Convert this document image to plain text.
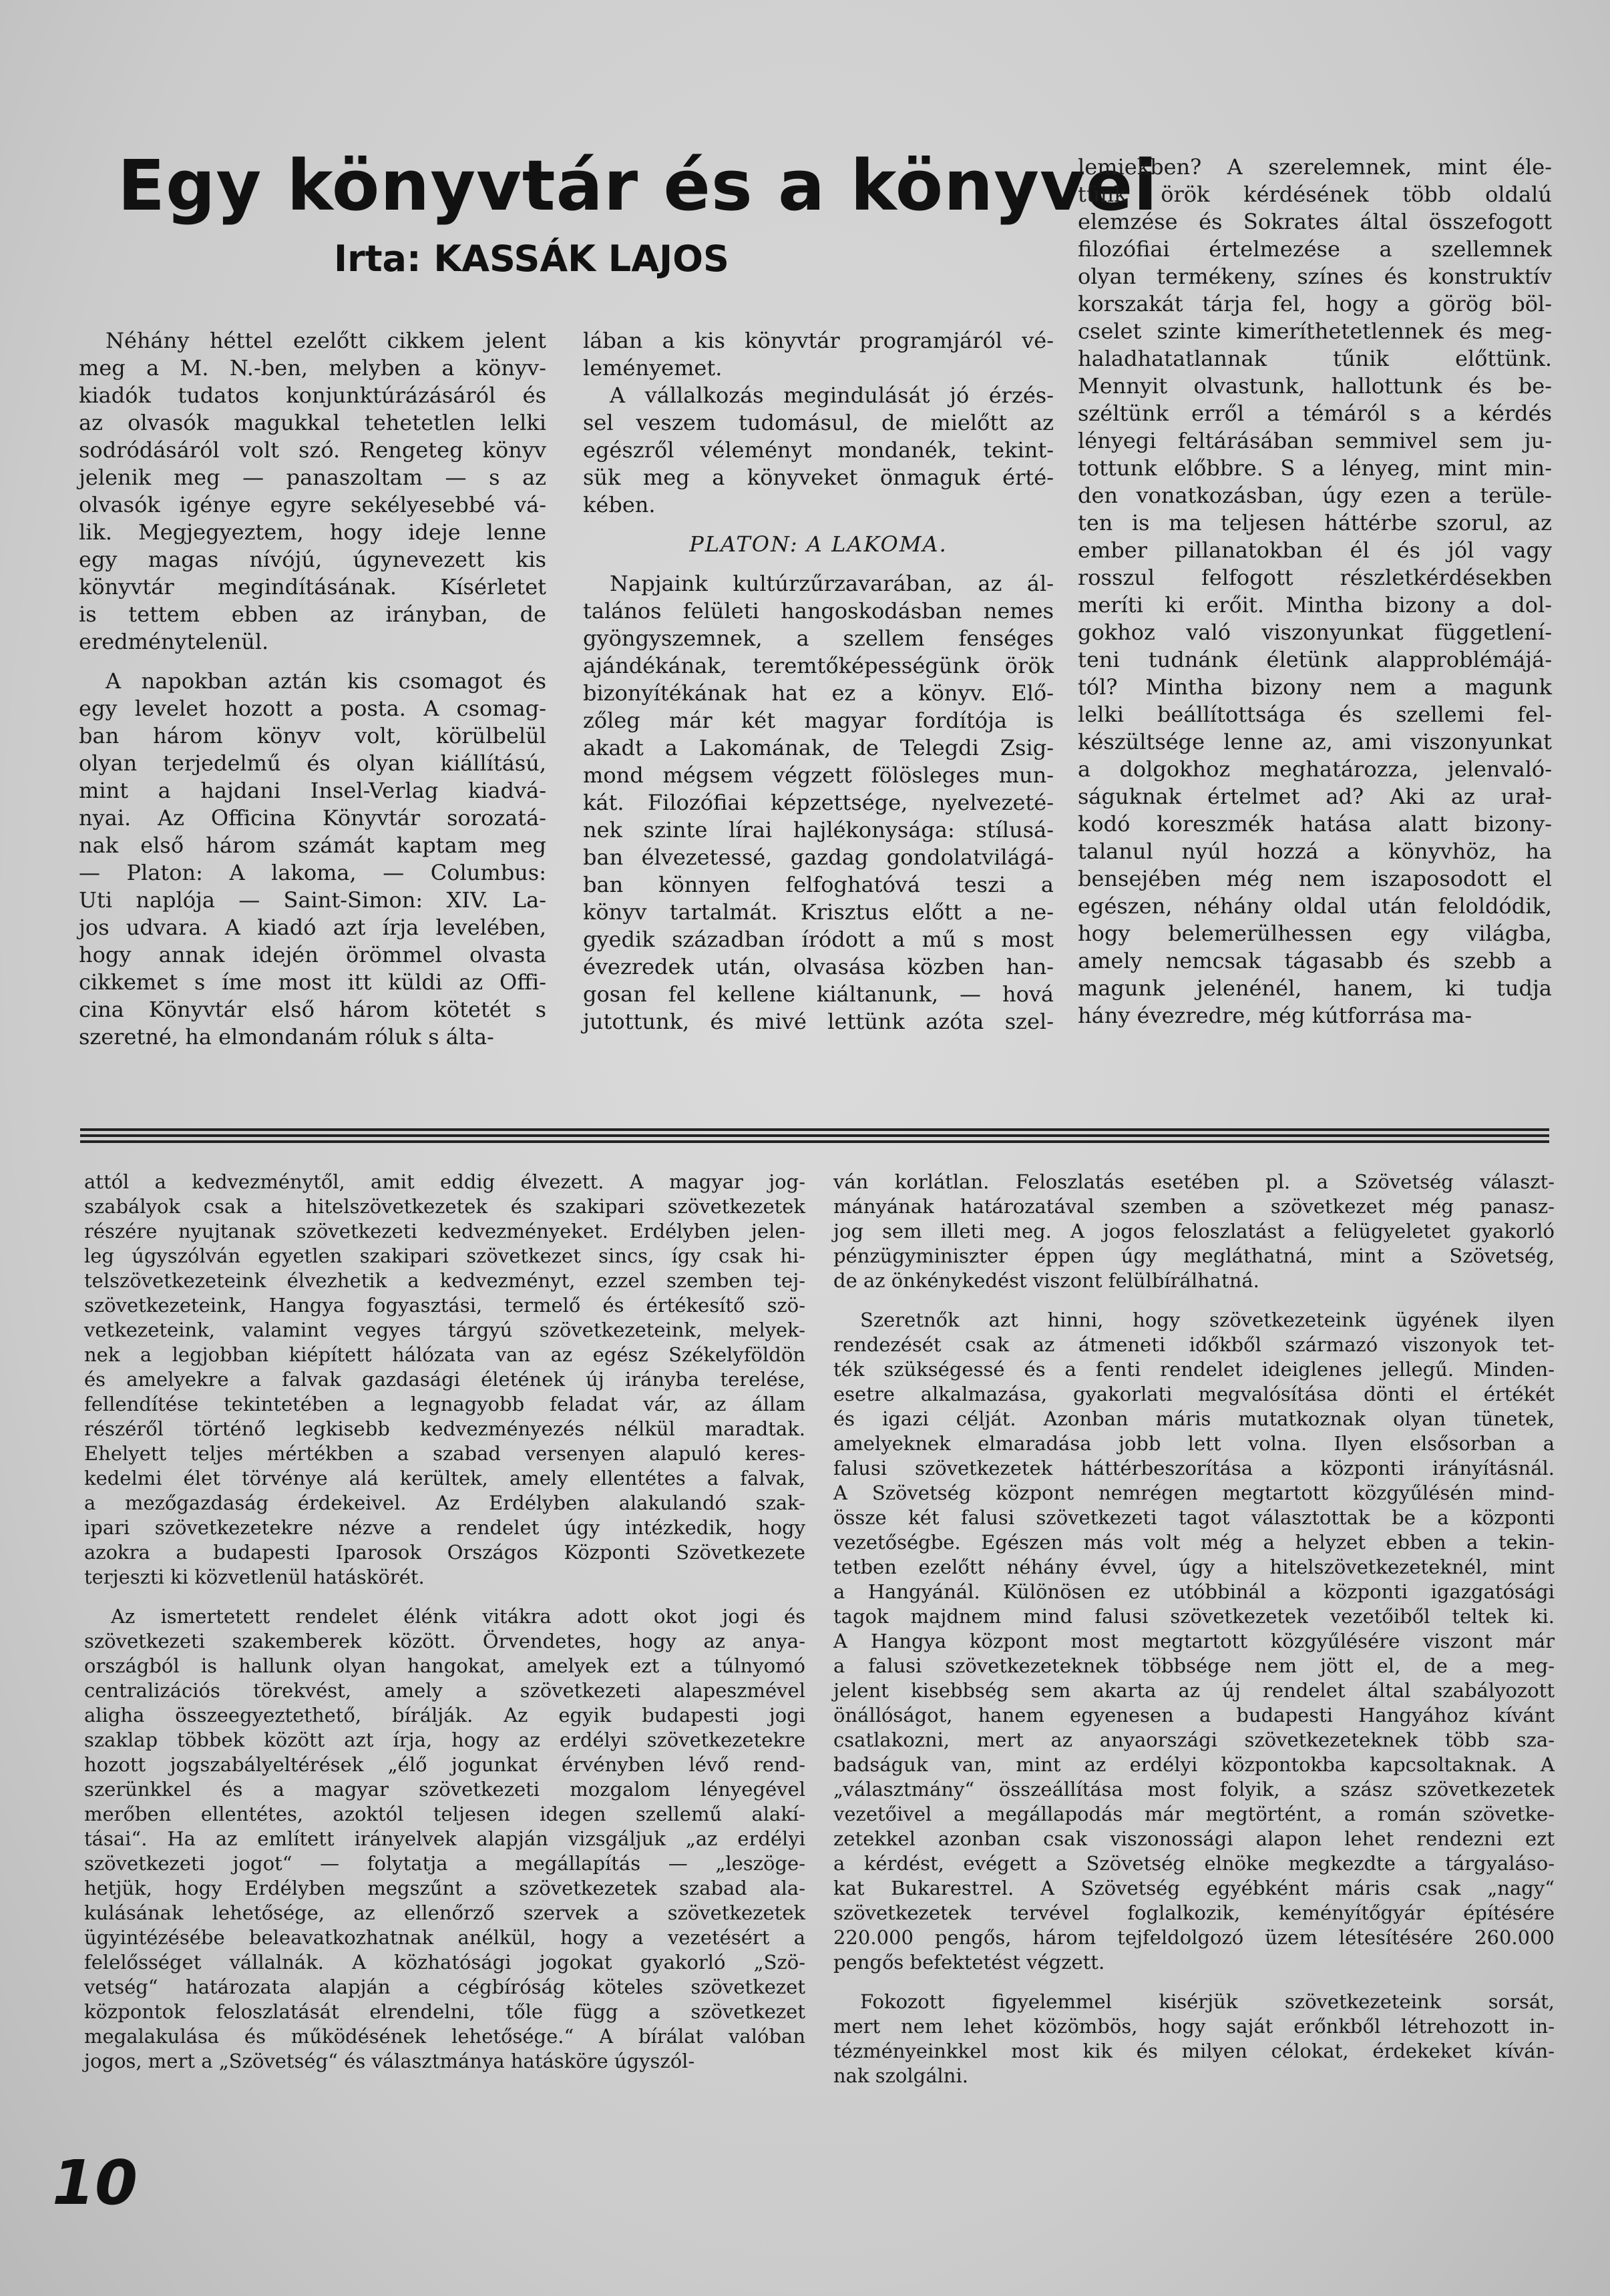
Egy könyvtár és a könyvei
Irta: KASSÁK LAJOS
Néhány héttel ezelőtt cikkem jelent
meg a M. N.-ben, melyben a könyv-
kiadók tudatos konjunktúrázásáról és
az olvasók magukkal tehetetlen lelki
sodródásáról volt szó. Rengeteg könyv
jelenik meg — panaszoltam — s az
olvasók igénye egyre sekélyesebbé vá-
lik. Megjegyeztem, hogy ideje lenne
egy magas nívójú, úgynevezett kis
könyvtár megindításának. Kísérletet
is tettem ebben az irányban, de
eredménytelenül.
A napokban aztán kis csomagot és
egy levelet hozott a posta. A csomag-
ban három könyv volt, körülbelül
olyan terjedelmű és olyan kiállítású,
mint a hajdani Insel-Verlag kiadvá-
nyai. Az Officina Könyvtár sorozatá-
nak első három számát kaptam meg
— Platon: A lakoma, — Columbus:
Uti naplója — Saint-Simon: XIV. La-
jos udvara. A kiadó azt írja levelében,
hogy annak idején örömmel olvasta
cikkemet s íme most itt küldi az Offi-
cina Könyvtár első három kötetét s
szeretné, ha elmondanám róluk s álta-
lában a kis könyvtár programjáról vé-
leményemet.
A vállalkozás megindulását jó érzés-
sel veszem tudomásul, de mielőtt az
egészről véleményt mondanék, tekint-
sük meg a könyveket önmaguk érté-
kében.
PLATON: A LAKOMA.
Napjaink kultúrzűrzavarában, az ál-
talános felületi hangoskodásban nemes
gyöngyszemnek, a szellem fenséges
ajándékának, teremtőképességünk örök
bizonyítékának hat ez a könyv. Elő-
zőleg már két magyar fordítója is
akadt a Lakomának, de Telegdi Zsig-
mond mégsem végzett fölösleges mun-
kát. Filozófiai képzettsége, nyelvezeté-
nek szinte lírai hajlékonysága: stílusá-
ban élvezetessé, gazdag gondolatvilágá-
ban könnyen felfoghatóvá teszi a
könyv tartalmát. Krisztus előtt a ne-
gyedik században íródott a mű s most
évezredek után, olvasása közben han-
gosan fel kellene kiáltanunk, — hová
jutottunk, és mivé lettünk azóta szel-
lemiekben? A szerelemnek, mint éle-
tünk örök kérdésének több oldalú
elemzése és Sokrates által összefogott
filozófiai értelmezése a szellemnek
olyan termékeny, színes és konstruktív
korszakát tárja fel, hogy a görög böl-
cselet szinte kimeríthetetlennek és meg-
haladhatatlannak tűnik előttünk.
Mennyit olvastunk, hallottunk és be-
széltünk erről a témáról s a kérdés
lényegi feltárásában semmivel sem ju-
tottunk előbbre. S a lényeg, mint min-
den vonatkozásban, úgy ezen a terüle-
ten is ma teljesen háttérbe szorul, az
ember pillanatokban él és jól vagy
rosszul felfogott részletkérdésekben
meríti ki erőit. Mintha bizony a dol-
gokhoz való viszonyunkat függetlení-
teni tudnánk életünk alapproblémájá-
tól? Mintha bizony nem a magunk
lelki beállítottsága és szellemi fel-
készültsége lenne az, ami viszonyunkat
a dolgokhoz meghatározza, jelenvaló-
ságuknak értelmet ad? Aki az urał-
kodó koreszmék hatása alatt bizony-
talanul nyúl hozzá a könyvhöz, ha
bensejében még nem iszaposodott el
egészen, néhány oldal után feloldódik,
hogy belemerülhessen egy világba,
amely nemcsak tágasabb és szebb a
magunk jelenénél, hanem, ki tudja
hány évezredre, még kútforrása ma-
attól a kedvezménytől, amit eddig élvezett. A magyar jog-
szabályok csak a hitelszövetkezetek és szakipari szövetkezetek
részére nyujtanak szövetkezeti kedvezményeket. Erdélyben jelen-
leg úgyszólván egyetlen szakipari szövetkezet sincs, így csak hi-
telszövetkezeteink élvezhetik a kedvezményt, ezzel szemben tej-
szövetkezeteink, Hangya fogyasztási, termelő és értékesítő szö-
vetkezeteink, valamint vegyes tárgyú szövetkezeteink, melyek-
nek a legjobban kiépített hálózata van az egész Székelyföldön
és amelyekre a falvak gazdasági életének új irányba terelése,
fellendítése tekintetében a legnagyobb feladat vár, az állam
részéről történő legkisebb kedvezményezés nélkül maradtak.
Ehelyett teljes mértékben a szabad versenyen alapuló keres-
kedelmi élet törvénye alá kerültek, amely ellentétes a falvak,
a mezőgazdaság érdekeivel. Az Erdélyben alakulandó szak-
ipari szövetkezetekre nézve a rendelet úgy intézkedik, hogy
azokra a budapesti Iparosok Országos Központi Szövetkezete
terjeszti ki közvetlenül hatáskörét.
Az ismertetett rendelet élénk vitákra adott okot jogi és
szövetkezeti szakemberek között. Örvendetes, hogy az anya-
országból is hallunk olyan hangokat, amelyek ezt a túlnyomó
centralizációs törekvést, amely a szövetkezeti alapeszmével
aligha összeegyeztethető, bírálják. Az egyik budapesti jogi
szaklap többek között azt írja, hogy az erdélyi szövetkezetekre
hozott jogszabályeltérések „élő jogunkat érvényben lévő rend-
szerünkkel és a magyar szövetkezeti mozgalom lényegével
merőben ellentétes, azoktól teljesen idegen szellemű alakí-
tásai“. Ha az említett irányelvek alapján vizsgáljuk „az erdélyi
szövetkezeti jogot“ — folytatja a megállapítás — „leszöge-
hetjük, hogy Erdélyben megszűnt a szövetkezetek szabad ala-
kulásának lehetősége, az ellenőrző szervek a szövetkezetek
ügyintézésébe beleavatkozhatnak anélkül, hogy a vezetésért a
felelősséget vállalnák. A közhatósági jogokat gyakorló „Szö-
vetség“ határozata alapján a cégbíróság köteles szövetkezet
központok feloszlatását elrendelni, tőle függ a szövetkezet
megalakulása és működésének lehetősége.“ A bírálat valóban
jogos, mert a „Szövetség“ és választmánya hatásköre úgyszól-
ván korlátlan. Feloszlatás esetében pl. a Szövetség választ-
mányának határozatával szemben a szövetkezet még panasz-
jog sem illeti meg. A jogos feloszlatást a felügyeletet gyakorló
pénzügyminiszter éppen úgy megláthatná, mint a Szövetség,
de az önkénykedést viszont felülbírálhatná.
Szeretnők azt hinni, hogy szövetkezeteink ügyének ilyen
rendezését csak az átmeneti időkből származó viszonyok tet-
ték szükségessé és a fenti rendelet ideiglenes jellegű. Minden-
esetre alkalmazása, gyakorlati megvalósítása dönti el értékét
és igazi célját. Azonban máris mutatkoznak olyan tünetek,
amelyeknek elmaradása jobb lett volna. Ilyen elsősorban a
falusi szövetkezetek háttérbeszorítása a központi irányításnál.
A Szövetség központ nemrégen megtartott közgyűlésén mind-
össze két falusi szövetkezeti tagot választottak be a központi
vezetőségbe. Egészen más volt még a helyzet ebben a tekin-
tetben ezelőtt néhány évvel, úgy a hitelszövetkezeteknél, mint
a Hangyánál. Különösen ez utóbbinál a központi igazgatósági
tagok majdnem mind falusi szövetkezetek vezetőiből teltek ki.
A Hangya központ most megtartott közgyűlésére viszont már
a falusi szövetkezeteknek többsége nem jött el, de a meg-
jelent kisebbség sem akarta az új rendelet által szabályozott
önállóságot, hanem egyenesen a budapesti Hangyához kívánt
csatlakozni, mert az anyaországi szövetkezeteknek több sza-
badságuk van, mint az erdélyi központokba kapcsoltaknak. A
„választmány“ összeállítása most folyik, a szász szövetkezetek
vezetőivel a megállapodás már megtörtént, a román szövetke-
zetekkel azonban csak viszonossági alapon lehet rendezni ezt
a kérdést, evégett a Szövetség elnöke megkezdte a tárgyaláso-
kat Bukarestтel. A Szövetség egyébként máris csak „nagy“
szövetkezetek tervével foglalkozik, keményítőgyár építésére
220.000 pengős, három tejfeldolgozó üzem létesítésére 260.000
pengős befektetést végzett.
Fokozott figyelemmel kisérjük szövetkezeteink sorsát,
mert nem lehet közömbös, hogy saját erőnkből létrehozott in-
tézményeinkkel most kik és milyen célokat, érdekeket kíván-
nak szolgálni.
10
